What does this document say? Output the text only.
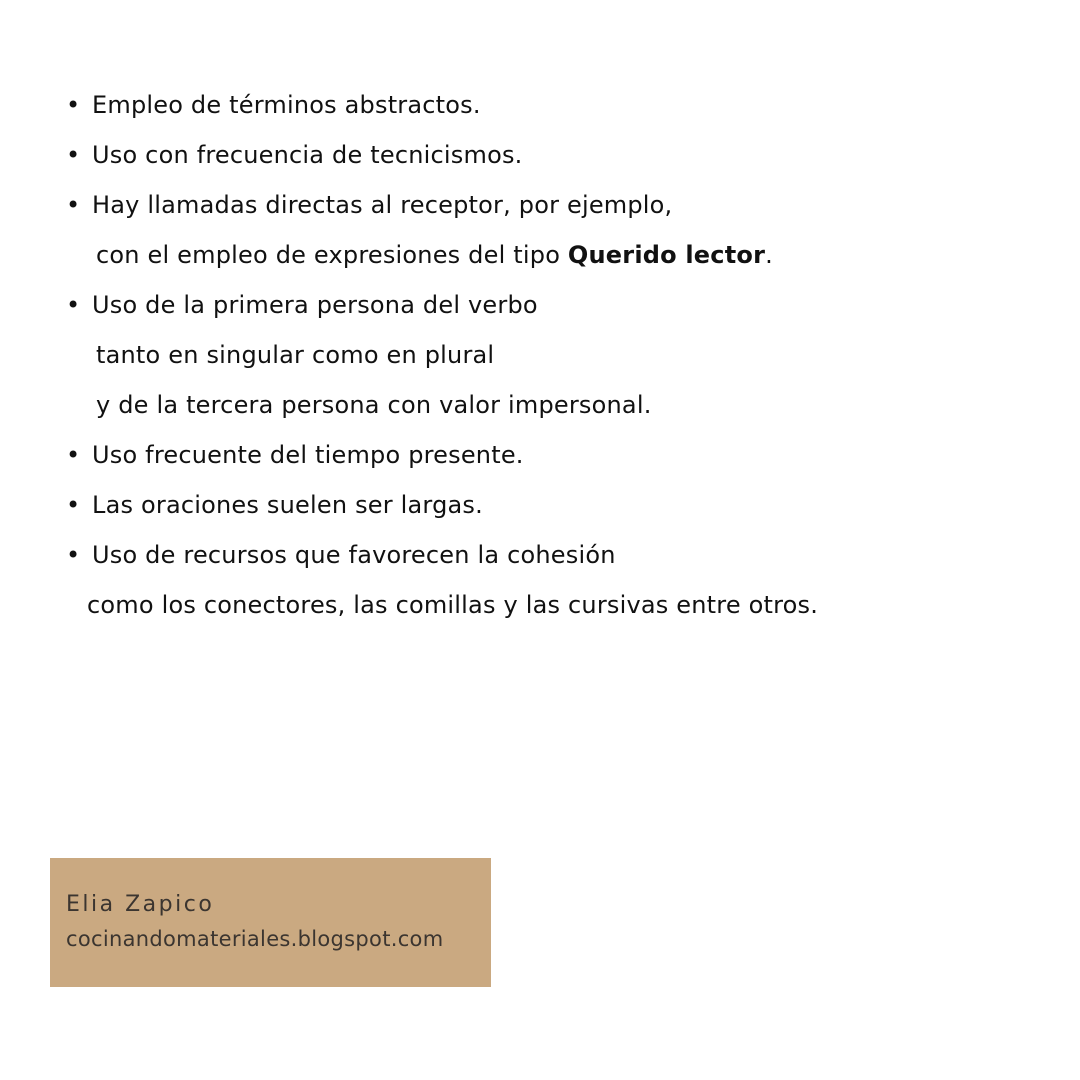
• Empleo de términos abstractos.
• Uso con frecuencia de tecnicismos.
• Hay llamadas directas al receptor, por ejemplo,
con el empleo de expresiones del tipo Querido lector.
• Uso de la primera persona del verbo
tanto en singular como en plural
y de la tercera persona con valor impersonal.
• Uso frecuente del tiempo presente.
• Las oraciones suelen ser largas.
• Uso de recursos que favorecen la cohesión
como los conectores, las comillas y las cursivas entre otros.
Elia Zapico
cocinandomateriales.blogspot.com
